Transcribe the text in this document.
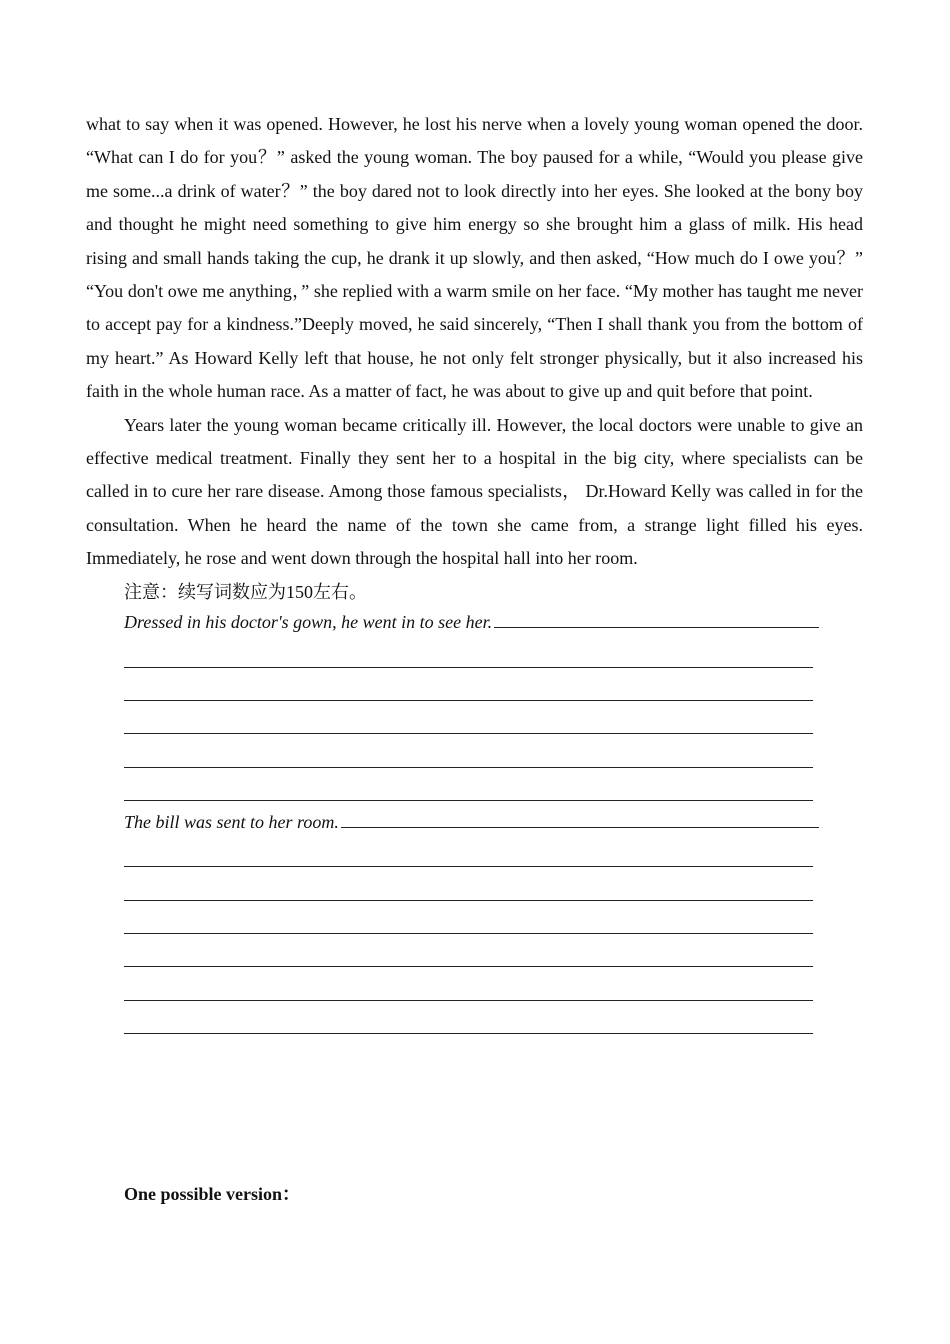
what to say when it was opened. However, he lost his nerve when a lovely young woman opened the door. “What can I do for you？” asked the young woman. The boy paused for a while, “Would you please give me some...a drink of water？” the boy dared not to look directly into her eyes. She looked at the bony boy and thought he might need something to give him energy so she brought him a glass of milk. His head rising and small hands taking the cup, he drank it up slowly, and then asked, “How much do I owe you？” “You don't owe me anything，” she replied with a warm smile on her face. “My mother has taught me never to accept pay for a kindness.”Deeply moved, he said sincerely, “Then I shall thank you from the bottom of my heart.” As Howard Kelly left that house, he not only felt stronger physically, but it also increased his faith in the whole human race. As a matter of fact, he was about to give up and quit before that point.

Years later the young woman became critically ill. However, the local doctors were unable to give an effective medical treatment. Finally they sent her to a hospital in the big city, where specialists can be called in to cure her rare disease. Among those famous specialists， Dr.Howard Kelly was called in for the consultation. When he heard the name of the town she came from, a strange light filled his eyes. Immediately, he rose and went down through the hospital hall into her room.

注意：续写词数应为150左右。
Dressed in his doctor's gown, he went in to see her.
The bill was sent to her room.
One possible version：
